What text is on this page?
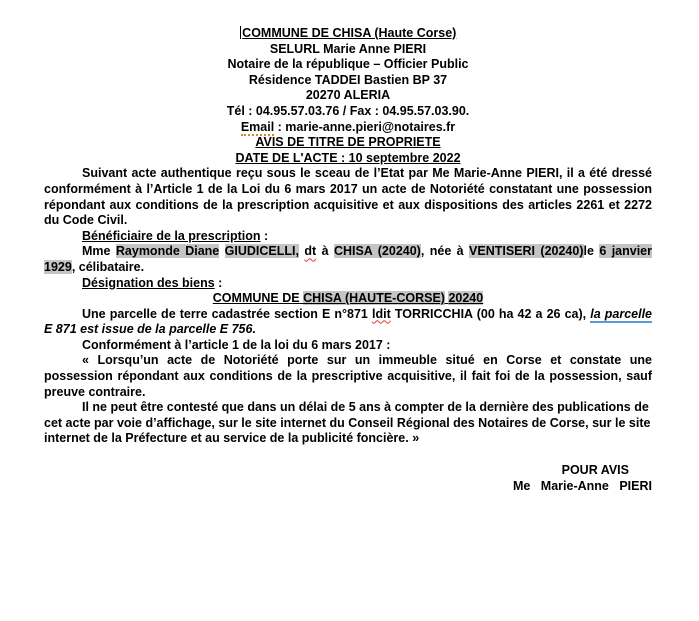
COMMUNE DE CHISA (Haute Corse)
SELURL Marie Anne PIERI
Notaire de la république – Officier Public
Résidence TADDEI Bastien BP 37
20270 ALERIA
Tél : 04.95.57.03.76 / Fax : 04.95.57.03.90.
Email : marie-anne.pieri@notaires.fr
AVIS DE TITRE DE PROPRIETE
DATE DE L'ACTE : 10 septembre 2022
Suivant acte authentique reçu sous le sceau de l’Etat par Me Marie-Anne PIERI, il a été dressé conformément à l’Article 1 de la Loi du 6 mars 2017 un acte de Notoriété constatant une possession répondant aux conditions de la prescription acquisitive et aux dispositions des articles 2261 et 2272 du Code Civil.
Bénéficiaire de la prescription :
Mme Raymonde Diane GIUDICELLI, dt à CHISA (20240), née à VENTISERI (20240)le 6 janvier 1929, célibataire.
Désignation des biens :
COMMUNE DE CHISA (HAUTE-CORSE) 20240
Une parcelle de terre cadastrée section E n°871 ldit TORRICCHIA (00 ha 42 a 26 ca), la parcelle E 871 est issue de la parcelle E 756.
Conformément à l’article 1 de la loi du 6 mars 2017 :
« Lorsqu’un acte de Notoriété porte sur un immeuble situé en Corse et constate une possession répondant aux conditions de la prescriptive acquisitive, il fait foi de la possession, sauf preuve contraire.
Il ne peut être contesté que dans un délai de 5 ans à compter de la dernière des publications de cet acte par voie d’affichage, sur le site internet du Conseil Régional des Notaires de Corse, sur le site internet de la Préfecture et au service de la publicité foncière. »
POUR AVIS
Me Marie-Anne PIERI
